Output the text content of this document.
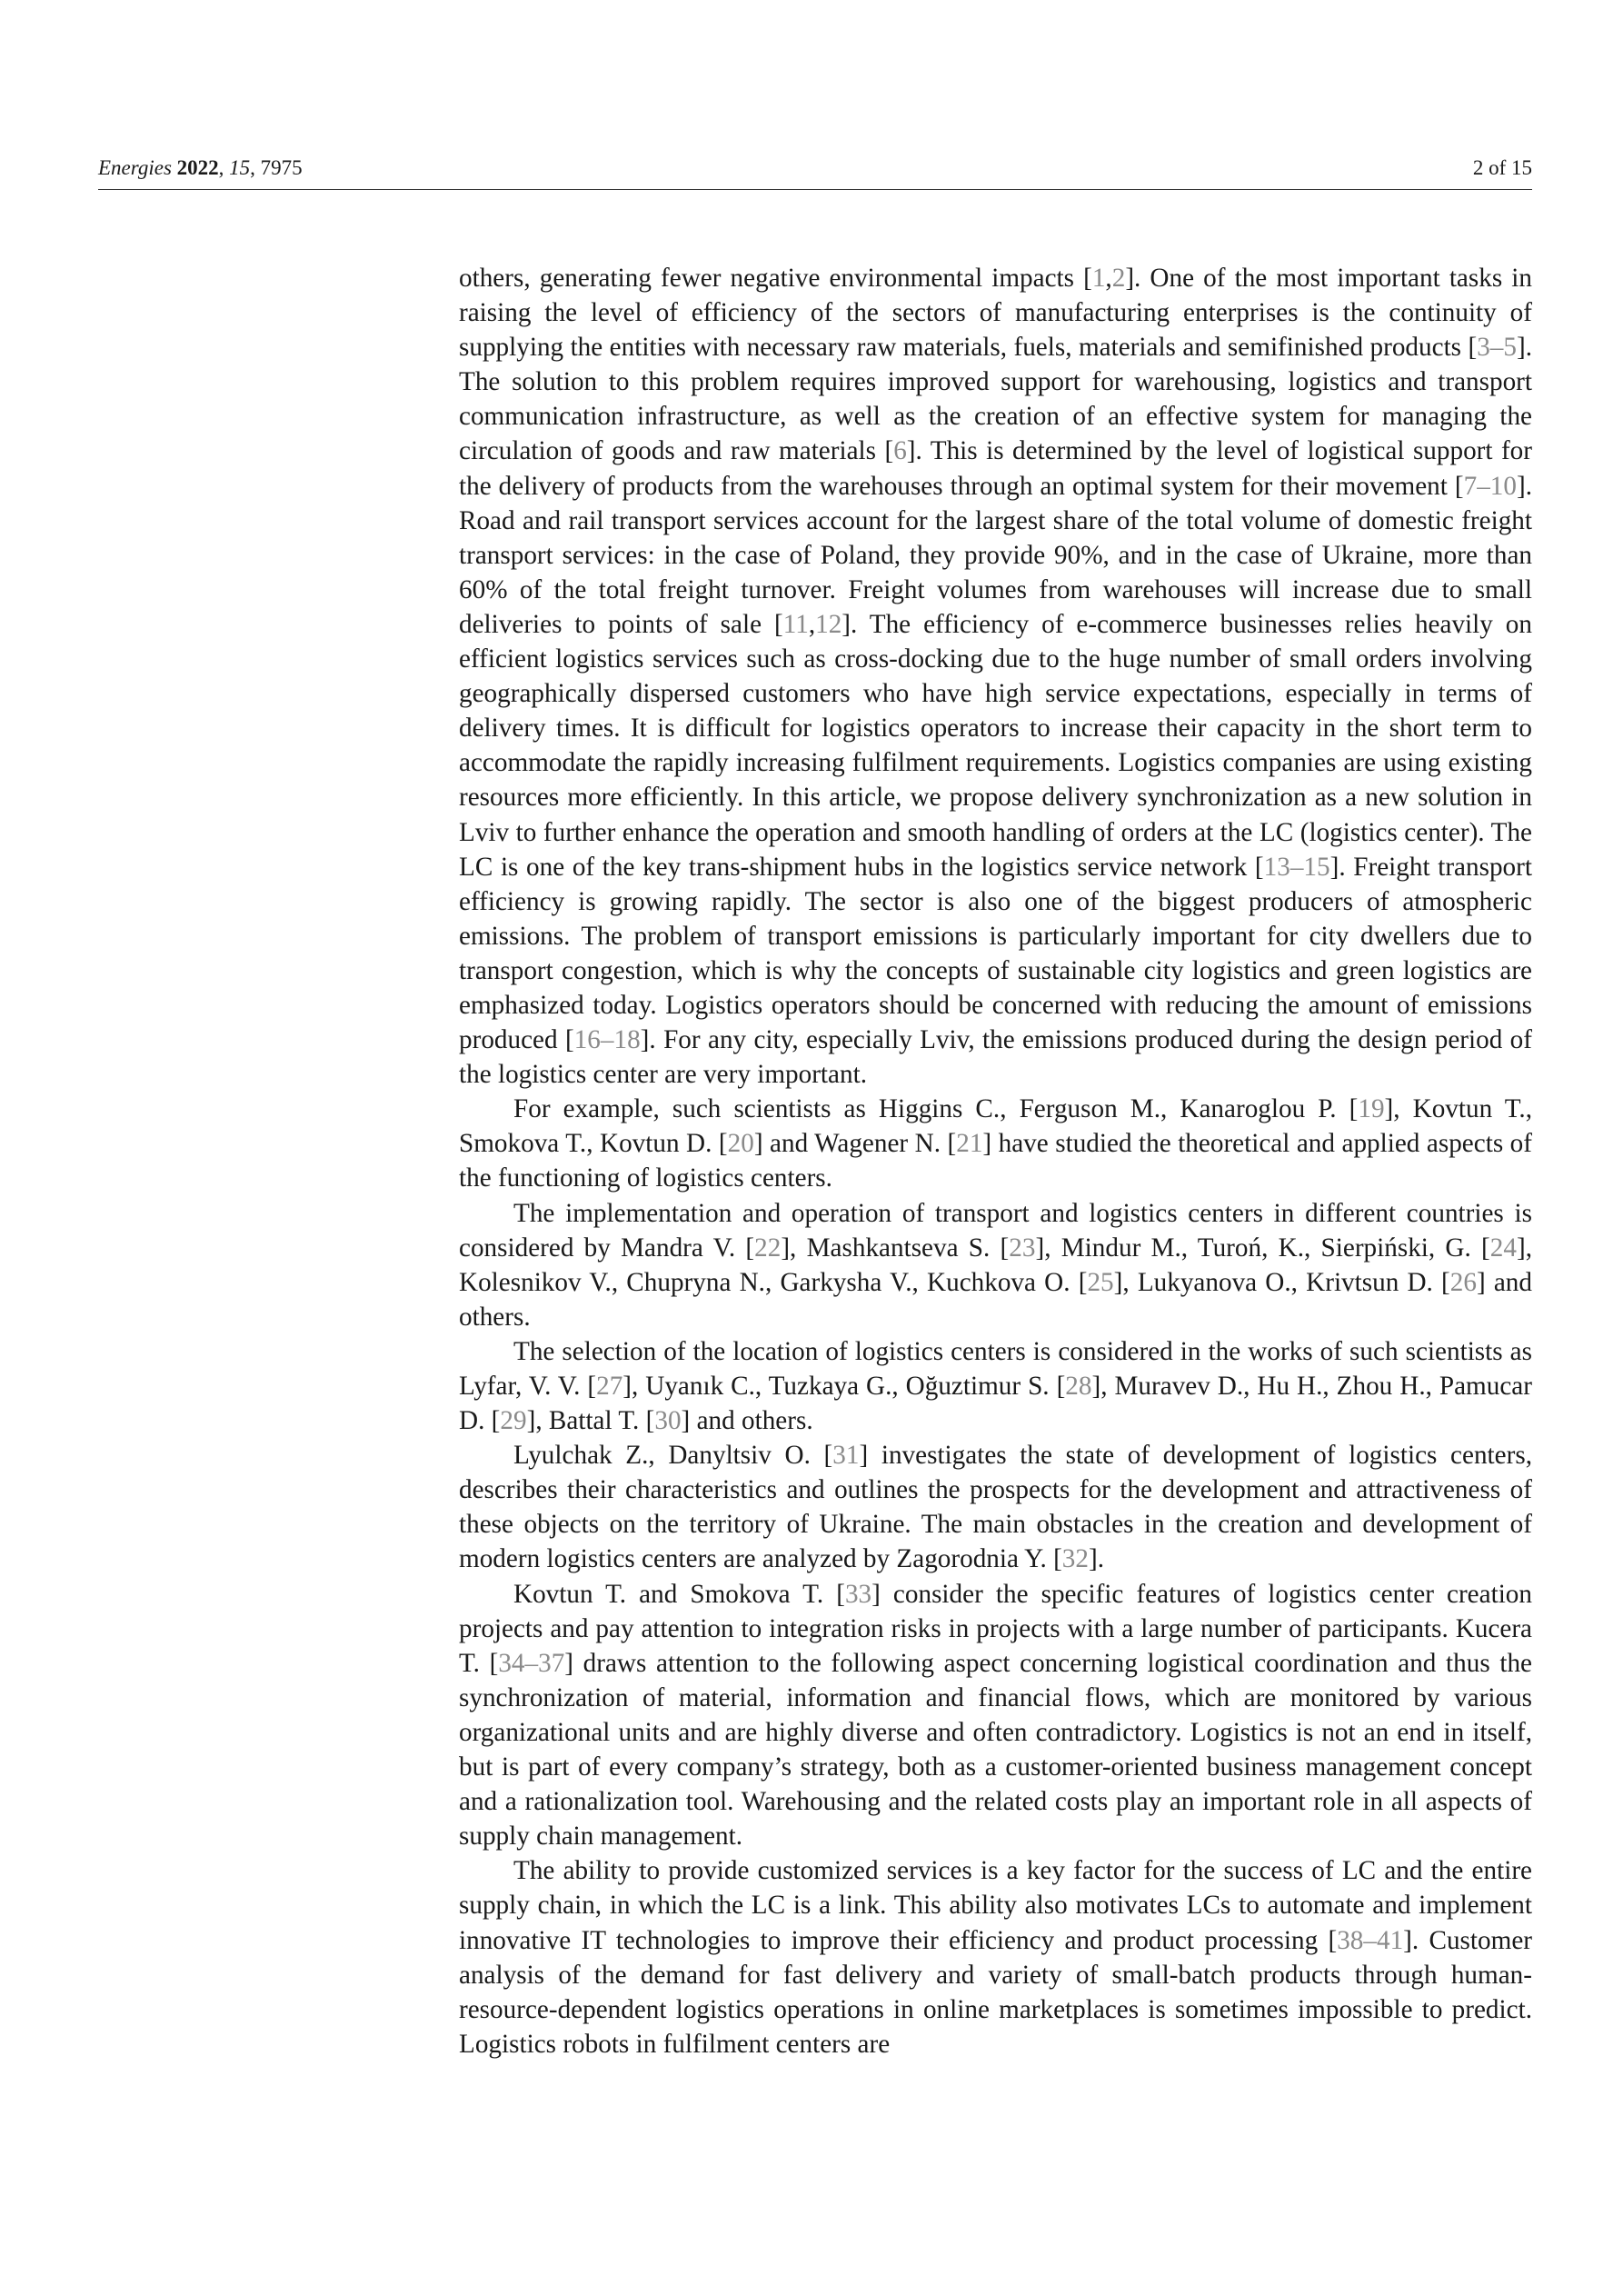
Energies 2022, 15, 7975	2 of 15

others, generating fewer negative environmental impacts [1,2]. One of the most important tasks in raising the level of efficiency of the sectors of manufacturing enterprises is the continuity of supplying the entities with necessary raw materials, fuels, materials and semifinished products [3–5]. The solution to this problem requires improved support for warehousing, logistics and transport communication infrastructure, as well as the creation of an effective system for managing the circulation of goods and raw materials [6]. This is determined by the level of logistical support for the delivery of products from the warehouses through an optimal system for their movement [7–10]. Road and rail transport services account for the largest share of the total volume of domestic freight transport services: in the case of Poland, they provide 90%, and in the case of Ukraine, more than 60% of the total freight turnover. Freight volumes from warehouses will increase due to small deliveries to points of sale [11,12]. The efficiency of e-commerce businesses relies heavily on efficient logistics services such as cross-docking due to the huge number of small orders involving geographically dispersed customers who have high service expectations, especially in terms of delivery times. It is difficult for logistics operators to increase their capacity in the short term to accommodate the rapidly increasing fulfilment requirements. Logistics companies are using existing resources more efficiently. In this article, we propose delivery synchronization as a new solution in Lviv to further enhance the operation and smooth handling of orders at the LC (logistics center). The LC is one of the key trans-shipment hubs in the logistics service network [13–15]. Freight transport efficiency is growing rapidly. The sector is also one of the biggest producers of atmospheric emissions. The problem of transport emissions is particularly important for city dwellers due to transport congestion, which is why the concepts of sustainable city logistics and green logistics are emphasized today. Logistics operators should be concerned with reducing the amount of emissions produced [16–18]. For any city, especially Lviv, the emissions produced during the design period of the logistics center are very important.

For example, such scientists as Higgins C., Ferguson M., Kanaroglou P. [19], Kovtun T., Smokova T., Kovtun D. [20] and Wagener N. [21] have studied the theoretical and applied aspects of the functioning of logistics centers.

The implementation and operation of transport and logistics centers in different countries is considered by Mandra V. [22], Mashkantseva S. [23], Mindur M., Turoń, K., Sierpiński, G. [24], Kolesnikov V., Chupryna N., Garkysha V., Kuchkova O. [25], Lukyanova O., Krivtsun D. [26] and others.

The selection of the location of logistics centers is considered in the works of such scientists as Lyfar, V. V. [27], Uyanık C., Tuzkaya G., Oğuztimur S. [28], Muravev D., Hu H., Zhou H., Pamucar D. [29], Battal T. [30] and others.

Lyulchak Z., Danyltsiv O. [31] investigates the state of development of logistics centers, describes their characteristics and outlines the prospects for the development and attractiveness of these objects on the territory of Ukraine. The main obstacles in the creation and development of modern logistics centers are analyzed by Zagorodnia Y. [32].

Kovtun T. and Smokova T. [33] consider the specific features of logistics center creation projects and pay attention to integration risks in projects with a large number of participants. Kucera T. [34–37] draws attention to the following aspect concerning logistical coordination and thus the synchronization of material, information and financial flows, which are monitored by various organizational units and are highly diverse and often contradictory. Logistics is not an end in itself, but is part of every company’s strategy, both as a customer-oriented business management concept and a rationalization tool. Warehousing and the related costs play an important role in all aspects of supply chain management.

The ability to provide customized services is a key factor for the success of LC and the entire supply chain, in which the LC is a link. This ability also motivates LCs to automate and implement innovative IT technologies to improve their efficiency and product processing [38–41]. Customer analysis of the demand for fast delivery and variety of small-batch products through human-resource-dependent logistics operations in online marketplaces is sometimes impossible to predict. Logistics robots in fulfilment centers are
